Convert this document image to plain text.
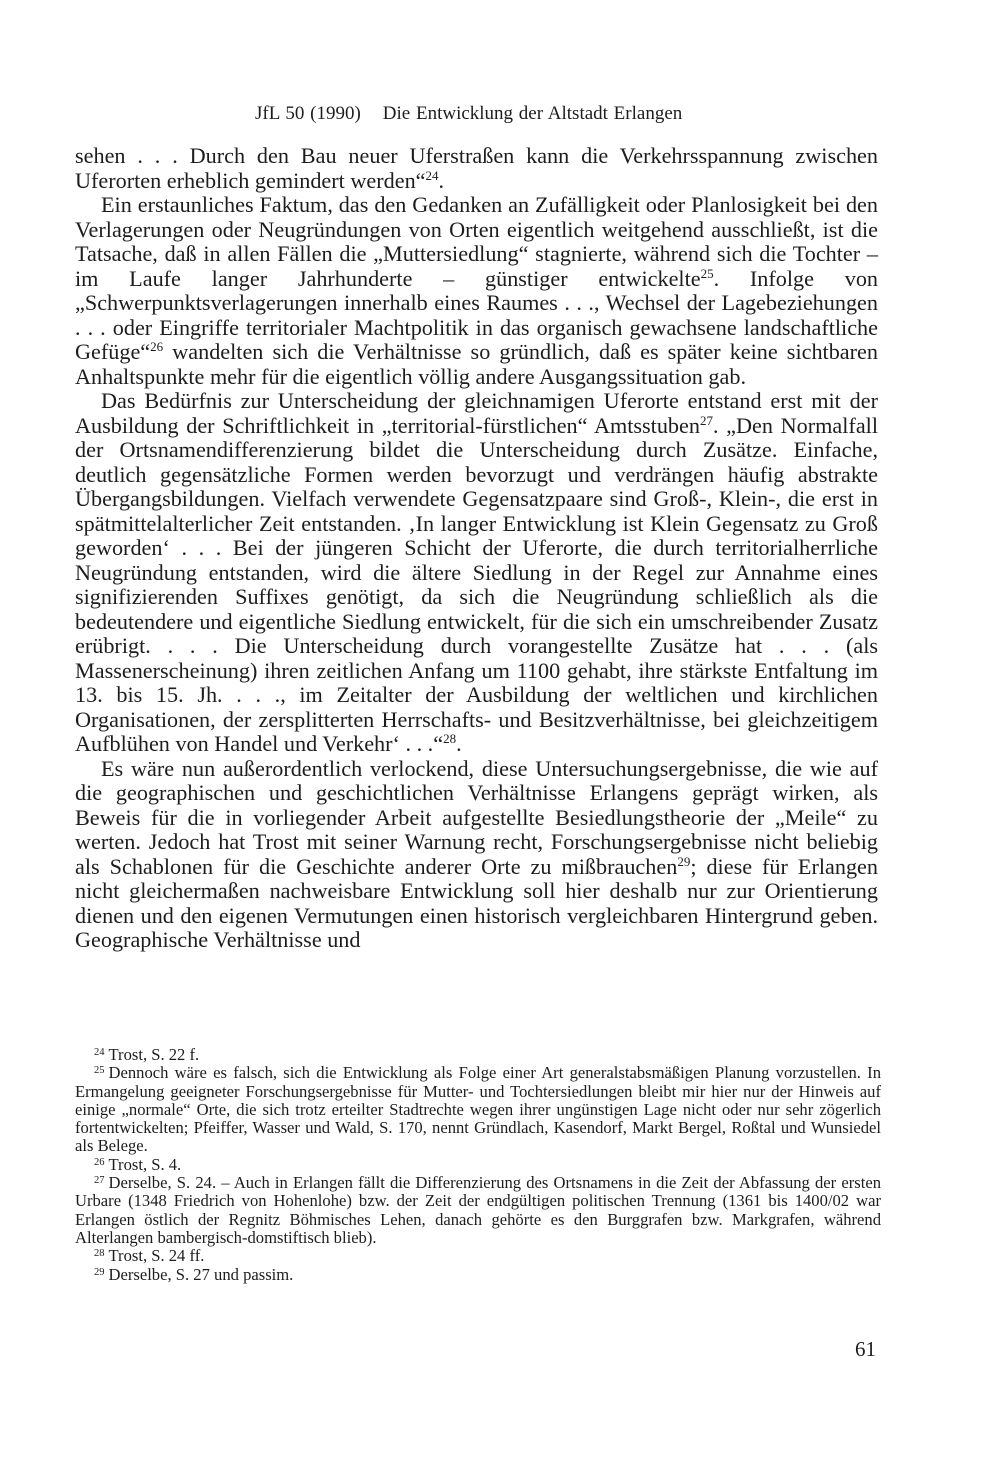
JfL 50 (1990) Die Entwicklung der Altstadt Erlangen

sehen . . . Durch den Bau neuer Uferstraßen kann die Verkehrsspannung zwischen Uferorten erheblich gemindert werden“$^{24}$.

Ein erstaunliches Faktum, das den Gedanken an Zufälligkeit oder Planlosigkeit bei den Verlagerungen oder Neugründungen von Orten eigentlich weitgehend ausschließt, ist die Tatsache, daß in allen Fällen die „Muttersiedlung“ stagnierte, während sich die Tochter – im Laufe langer Jahrhunderte – günstiger entwickelte$^{25}$. Infolge von „Schwerpunktsverlagerungen innerhalb eines Raumes . . ., Wechsel der Lagebeziehungen . . . oder Eingriffe territorialer Machtpolitik in das organisch gewachsene landschaftliche Gefüge“$^{26}$ wandelten sich die Verhältnisse so gründlich, daß es später keine sichtbaren Anhaltspunkte mehr für die eigentlich völlig andere Ausgangssituation gab.

Das Bedürfnis zur Unterscheidung der gleichnamigen Uferorte entstand erst mit der Ausbildung der Schriftlichkeit in „territorial-fürstlichen“ Amtsstuben$^{27}$. „Den Normalfall der Ortsnamendifferenzierung bildet die Unterscheidung durch Zusätze. Einfache, deutlich gegensätzliche Formen werden bevorzugt und verdrängen häufig abstrakte Übergangsbildungen. Vielfach verwendete Gegensatzpaare sind Groß-, Klein-, die erst in spätmittelalterlicher Zeit entstanden. ‚In langer Entwicklung ist Klein Gegensatz zu Groß geworden‘ . . . Bei der jüngeren Schicht der Uferorte, die durch territorialherrliche Neugründung entstanden, wird die ältere Siedlung in der Regel zur Annahme eines signifizierenden Suffixes genötigt, da sich die Neugründung schließlich als die bedeutendere und eigentliche Siedlung entwickelt, für die sich ein umschreibender Zusatz erübrigt. . . . Die Unterscheidung durch vorangestellte Zusätze hat . . . (als Massenerscheinung) ihren zeitlichen Anfang um 1100 gehabt, ihre stärkste Entfaltung im 13. bis 15. Jh. . . ., im Zeitalter der Ausbildung der weltlichen und kirchlichen Organisationen, der zersplitterten Herrschafts- und Besitzverhältnisse, bei gleichzeitigem Aufblühen von Handel und Verkehr‘ . . .“$^{28}$.

Es wäre nun außerordentlich verlockend, diese Untersuchungsergebnisse, die wie auf die geographischen und geschichtlichen Verhältnisse Erlangens geprägt wirken, als Beweis für die in vorliegender Arbeit aufgestellte Besiedlungstheorie der „Meile“ zu werten. Jedoch hat Trost mit seiner Warnung recht, Forschungsergebnisse nicht beliebig als Schablonen für die Geschichte anderer Orte zu mißbrauchen$^{29}$; diese für Erlangen nicht gleichermaßen nachweisbare Entwicklung soll hier deshalb nur zur Orientierung dienen und den eigenen Vermutungen einen historisch vergleichbaren Hintergrund geben. Geographische Verhältnisse und

$^{24}$ Trost, S. 22 f.

$^{25}$ Dennoch wäre es falsch, sich die Entwicklung als Folge einer Art generalstabsmäßigen Planung vorzustellen. In Ermangelung geeigneter Forschungsergebnisse für Mutter- und Tochtersiedlungen bleibt mir hier nur der Hinweis auf einige „normale“ Orte, die sich trotz erteilter Stadtrechte wegen ihrer ungünstigen Lage nicht oder nur sehr zögerlich fortentwickelten; Pfeiffer, Wasser und Wald, S. 170, nennt Gründlach, Kasendorf, Markt Bergel, Roßtal und Wunsiedel als Belege.

$^{26}$ Trost, S. 4.

$^{27}$ Derselbe, S. 24. – Auch in Erlangen fällt die Differenzierung des Ortsnamens in die Zeit der Abfassung der ersten Urbare (1348 Friedrich von Hohenlohe) bzw. der Zeit der endgültigen politischen Trennung (1361 bis 1400/02 war Erlangen östlich der Regnitz Böhmisches Lehen, danach gehörte es den Burggrafen bzw. Markgrafen, während Alterlangen bambergisch-domstiftisch blieb).

$^{28}$ Trost, S. 24 ff.

$^{29}$ Derselbe, S. 27 und passim.

61
